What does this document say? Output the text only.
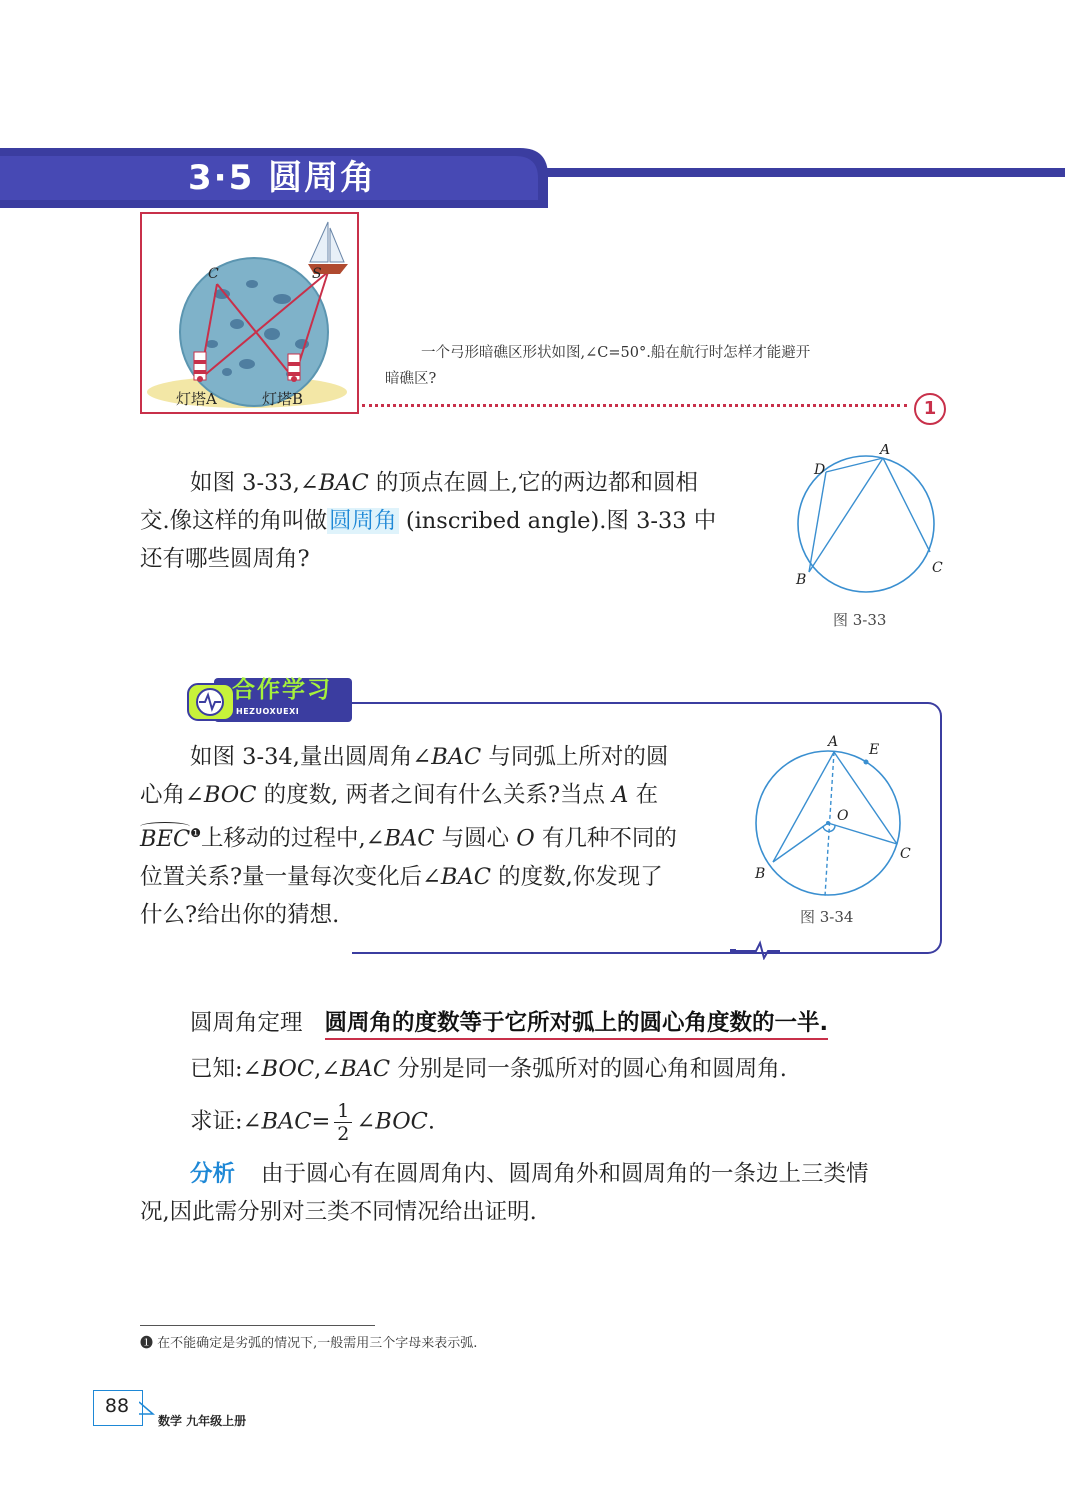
3·5 圆周角
C	S
灯塔A	灯塔B
一个弓形暗礁区形状如图,∠C=50°.船在航行时怎样才能避开
暗礁区?
1
如图 3-33,∠BAC 的顶点在圆上,它的两边都和圆相
交.像这样的角叫做圆周角 (inscribed angle).图 3-33 中
还有哪些圆周角?
A
D
C
B
图 3-33
合作学习
HEZUOXUEXI
如图 3-34,量出圆周角∠BAC 与同弧上所对的圆
心角∠BOC 的度数, 两者之间有什么关系?当点 A 在
$BEC^❶$上移动的过程中,∠BAC 与圆心 O 有几种不同的
位置关系?量一量每次变化后∠BAC 的度数,你发现了
什么?给出你的猜想.
A E
O
C
B
图 3-34
圆周角定理 圆周角的度数等于它所对弧上的圆心角度数的一半.
已知:∠BOC,∠BAC 分别是同一条弧所对的圆心角和圆周角.
求证:∠BAC= $\frac{1}{2}$ ∠BOC.
分析 由于圆心有在圆周角内、圆周角外和圆周角的一条边上三类情
况,因此需分别对三类不同情况给出证明.
❶ 在不能确定是劣弧的情况下,一般需用三个字母来表示弧.
88
数学 九年级上册
